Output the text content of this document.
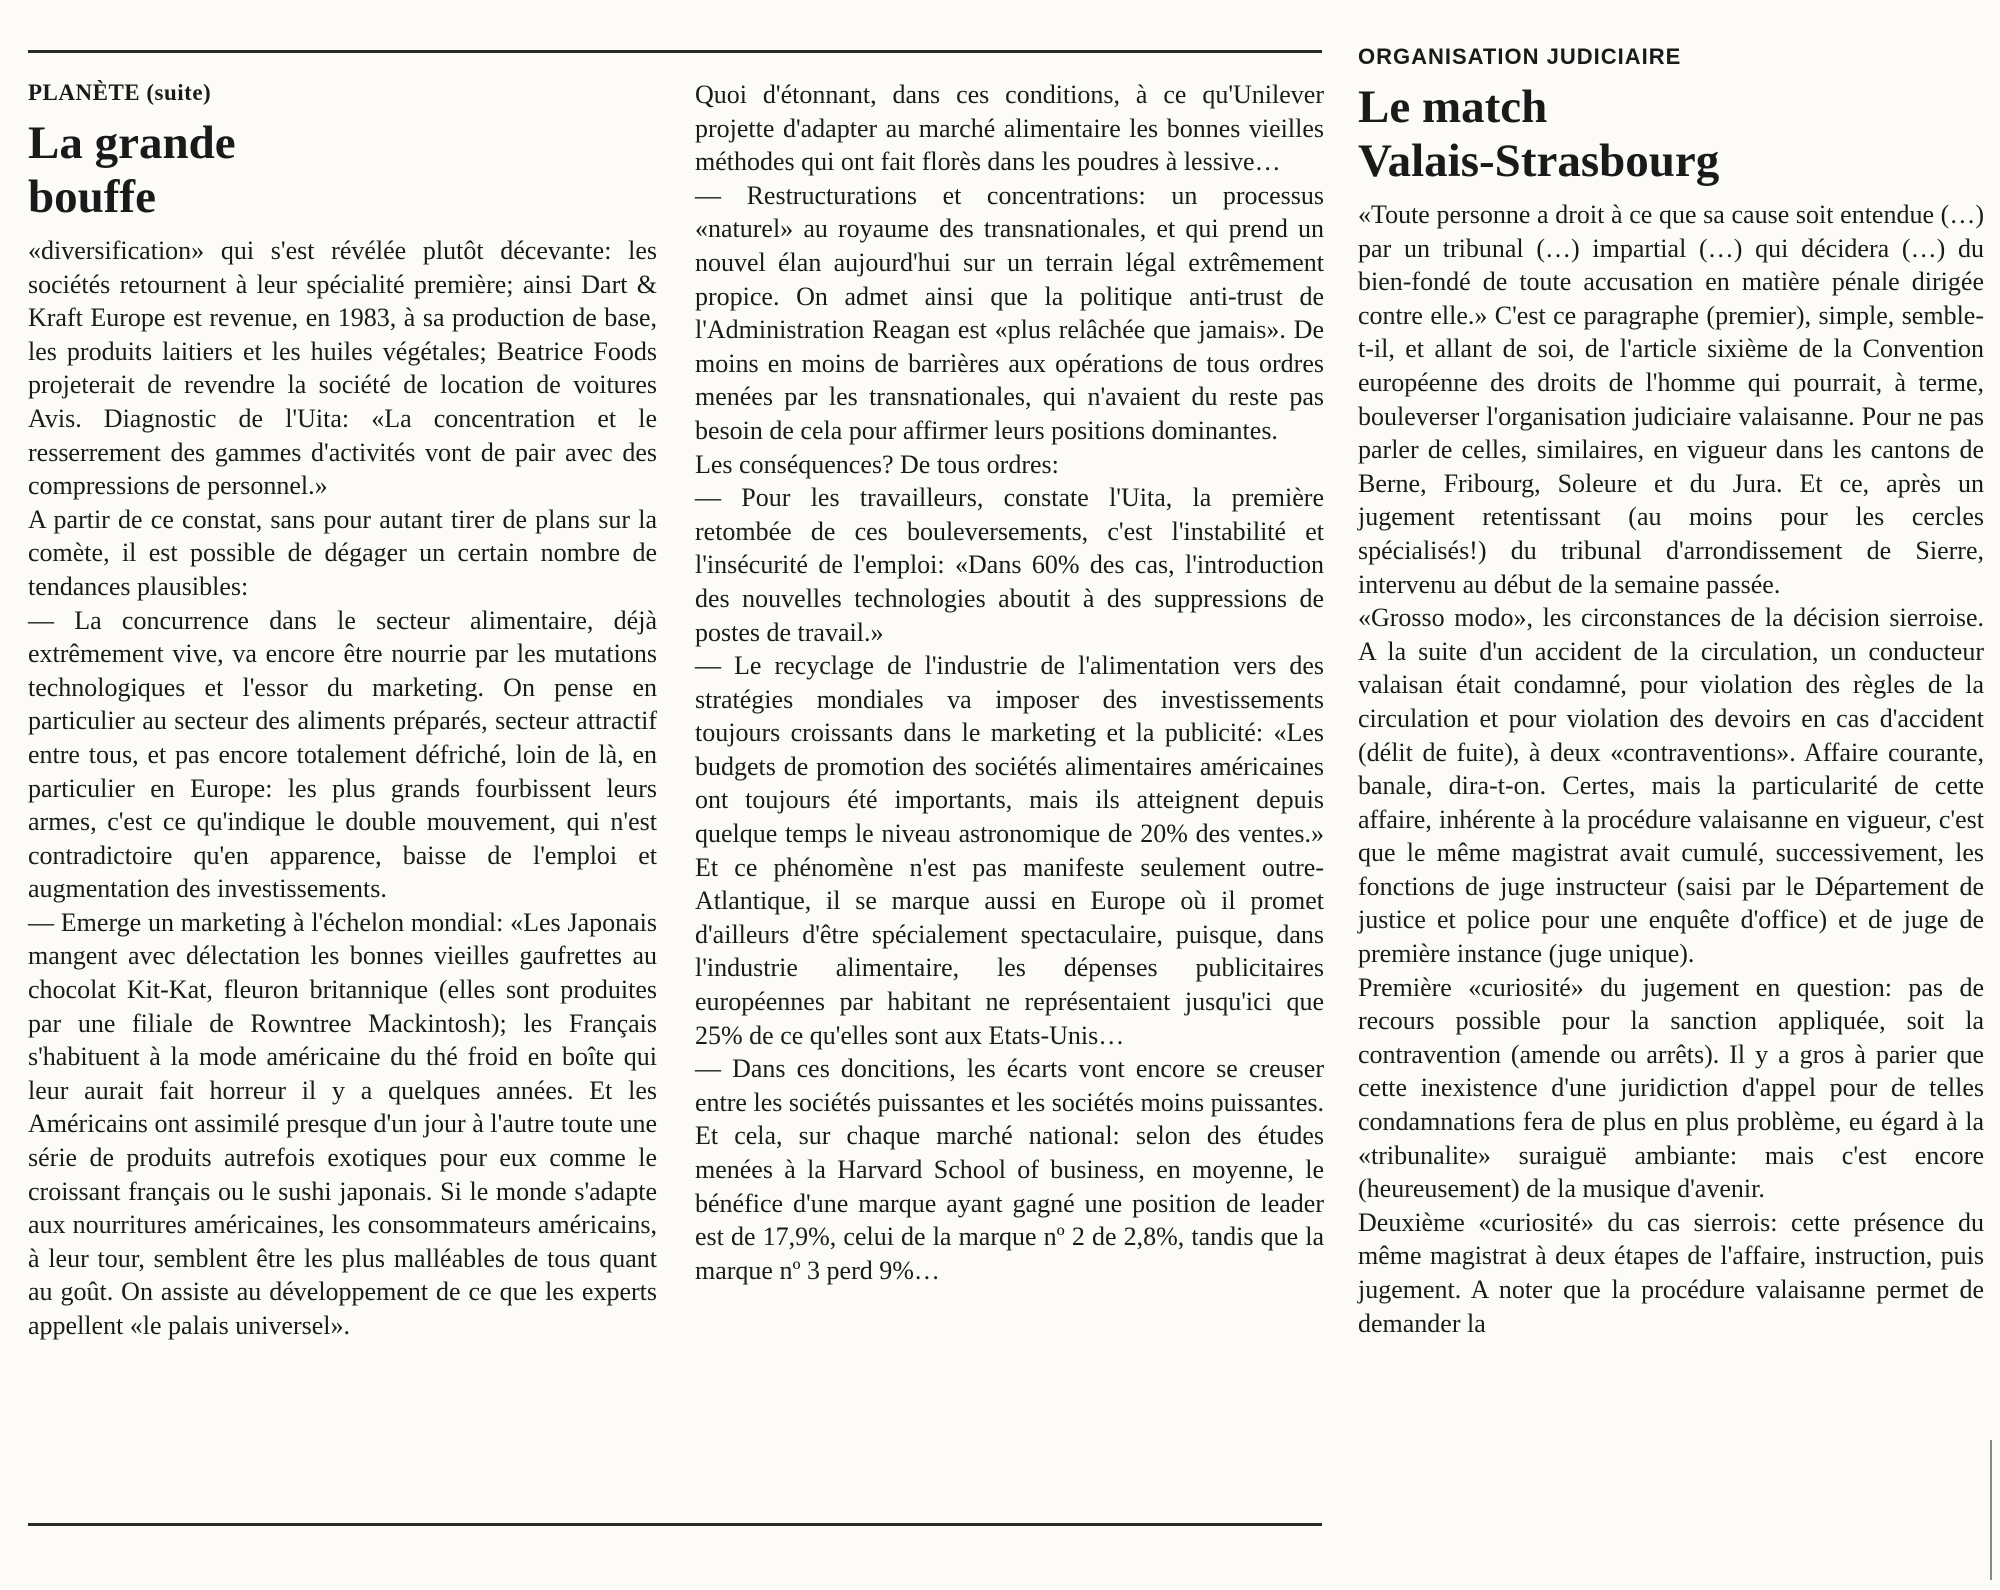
PLANÈTE (suite)
La grande
bouffe

«diversification» qui s'est révélée plutôt décevante: les sociétés retournent à leur spécialité première; ainsi Dart & Kraft Europe est revenue, en 1983, à sa production de base, les produits laitiers et les huiles végétales; Beatrice Foods projeterait de revendre la société de location de voitures Avis. Diagnostic de l'Uita: «La concentration et le resserrement des gammes d'activités vont de pair avec des compressions de personnel.»

A partir de ce constat, sans pour autant tirer de plans sur la comète, il est possible de dégager un certain nombre de tendances plausibles:

— La concurrence dans le secteur alimentaire, déjà extrêmement vive, va encore être nourrie par les mutations technologiques et l'essor du marketing. On pense en particulier au secteur des aliments préparés, secteur attractif entre tous, et pas encore totalement défriché, loin de là, en particulier en Europe: les plus grands fourbissent leurs armes, c'est ce qu'indique le double mouvement, qui n'est contradictoire qu'en apparence, baisse de l'emploi et augmentation des investissements.

— Emerge un marketing à l'échelon mondial: «Les Japonais mangent avec délectation les bonnes vieilles gaufrettes au chocolat Kit-Kat, fleuron britannique (elles sont produites par une filiale de Rowntree Mackintosh); les Français s'habituent à la mode américaine du thé froid en boîte qui leur aurait fait horreur il y a quelques années. Et les Américains ont assimilé presque d'un jour à l'autre toute une série de produits autrefois exotiques pour eux comme le croissant français ou le sushi japonais. Si le monde s'adapte aux nourritures américaines, les consommateurs américains, à leur tour, semblent être les plus malléables de tous quant au goût. On assiste au développement de ce que les experts appellent «le palais universel».

Quoi d'étonnant, dans ces conditions, à ce qu'Unilever projette d'adapter au marché alimentaire les bonnes vieilles méthodes qui ont fait florès dans les poudres à lessive…

— Restructurations et concentrations: un processus «naturel» au royaume des transnationales, et qui prend un nouvel élan aujourd'hui sur un terrain légal extrêmement propice. On admet ainsi que la politique anti-trust de l'Administration Reagan est «plus relâchée que jamais». De moins en moins de barrières aux opérations de tous ordres menées par les transnationales, qui n'avaient du reste pas besoin de cela pour affirmer leurs positions dominantes.

Les conséquences? De tous ordres:

— Pour les travailleurs, constate l'Uita, la première retombée de ces bouleversements, c'est l'instabilité et l'insécurité de l'emploi: «Dans 60% des cas, l'introduction des nouvelles technologies aboutit à des suppressions de postes de travail.»

— Le recyclage de l'industrie de l'alimentation vers des stratégies mondiales va imposer des investissements toujours croissants dans le marketing et la publicité: «Les budgets de promotion des sociétés alimentaires américaines ont toujours été importants, mais ils atteignent depuis quelque temps le niveau astronomique de 20% des ventes.» Et ce phénomène n'est pas manifeste seulement outre-Atlantique, il se marque aussi en Europe où il promet d'ailleurs d'être spécialement spectaculaire, puisque, dans l'industrie alimentaire, les dépenses publicitaires européennes par habitant ne représentaient jusqu'ici que 25% de ce qu'elles sont aux Etats-Unis…

— Dans ces doncitions, les écarts vont encore se creuser entre les sociétés puissantes et les sociétés moins puissantes. Et cela, sur chaque marché national: selon des études menées à la Harvard School of business, en moyenne, le bénéfice d'une marque ayant gagné une position de leader est de 17,9%, celui de la marque nº 2 de 2,8%, tandis que la marque nº 3 perd 9%…

ORGANISATION JUDICIAIRE
Le match
Valais-Strasbourg

«Toute personne a droit à ce que sa cause soit entendue (…) par un tribunal (…) impartial (…) qui décidera (…) du bien-fondé de toute accusation en matière pénale dirigée contre elle.» C'est ce paragraphe (premier), simple, semble-t-il, et allant de soi, de l'article sixième de la Convention européenne des droits de l'homme qui pourrait, à terme, bouleverser l'organisation judiciaire valaisanne. Pour ne pas parler de celles, similaires, en vigueur dans les cantons de Berne, Fribourg, Soleure et du Jura. Et ce, après un jugement retentissant (au moins pour les cercles spécialisés!) du tribunal d'arrondissement de Sierre, intervenu au début de la semaine passée.

«Grosso modo», les circonstances de la décision sierroise. A la suite d'un accident de la circulation, un conducteur valaisan était condamné, pour violation des règles de la circulation et pour violation des devoirs en cas d'accident (délit de fuite), à deux «contraventions». Affaire courante, banale, dira-t-on. Certes, mais la particularité de cette affaire, inhérente à la procédure valaisanne en vigueur, c'est que le même magistrat avait cumulé, successivement, les fonctions de juge instructeur (saisi par le Département de justice et police pour une enquête d'office) et de juge de première instance (juge unique).

Première «curiosité» du jugement en question: pas de recours possible pour la sanction appliquée, soit la contravention (amende ou arrêts). Il y a gros à parier que cette inexistence d'une juridiction d'appel pour de telles condamnations fera de plus en plus problème, eu égard à la «tribunalite» suraiguë ambiante: mais c'est encore (heureusement) de la musique d'avenir.

Deuxième «curiosité» du cas sierrois: cette présence du même magistrat à deux étapes de l'affaire, instruction, puis jugement. A noter que la procédure valaisanne permet de demander la
